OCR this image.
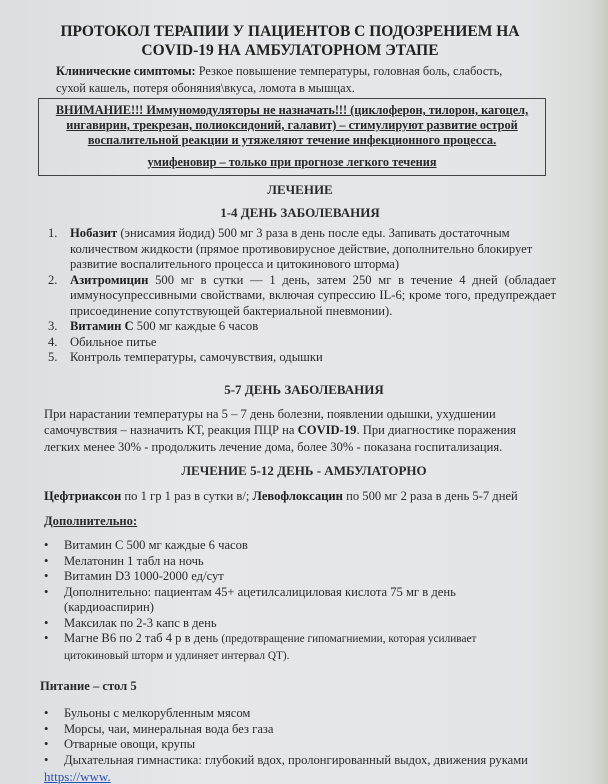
ПРОТОКОЛ ТЕРАПИИ У ПАЦИЕНТОВ С ПОДОЗРЕНИЕМ НА COVID-19 НА АМБУЛАТОРНОМ ЭТАПЕ
Клинические симптомы: Резкое повышение температуры, головная боль, слабость, сухой кашель, потеря обоняния\вкуса, ломота в мышцах.

ВНИМАНИЕ!!! Иммуномодуляторы не назначать!!! (циклоферон, тилорон, кагоцел, ингавирин, трекрезан, полиоксидоний, галавит) – стимулируют развитие острой воспалительной реакции и утяжеляют течение инфекционного процесса.

умифеновир – только при прогнозе легкого течения

ЛЕЧЕНИЕ
1-4 ДЕНЬ ЗАБОЛЕВАНИЯ
1. Нобазит (энисамия йодид) 500 мг 3 раза в день после еды. Запивать достаточным количеством жидкости (прямое противовирусное действие, дополнительно блокирует развитие воспалительного процесса и цитокинового шторма)
2. Азитромицин 500 мг в сутки — 1 день, затем 250 мг в течение 4 дней (обладает иммуносупрессивными свойствами, включая супрессию IL-6; кроме того, предупреждает присоединение сопутствующей бактериальной пневмонии).
3. Витамин С 500 мг каждые 6 часов
4. Обильное питье
5. Контроль температуры, самочувствия, одышки
5-7 ДЕНЬ ЗАБОЛЕВАНИЯ
При нарастании температуры на 5 – 7 день болезни, появлении одышки, ухудшении самочувствия – назначить КТ, реакция ПЦР на COVID-19. При диагностике поражения легких менее 30% - продолжить лечение дома, более 30% - показана госпитализация.
ЛЕЧЕНИЕ 5-12 ДЕНЬ - АМБУЛАТОРНО
Цефтриаксон по 1 гр 1 раз в сутки в/; Левофлоксацин по 500 мг 2 раза в день 5-7 дней
Дополнительно:
• Витамин С 500 мг каждые 6 часов
• Мелатонин 1 табл на ночь
• Витамин D3 1000-2000 ед/сут
• Дополнительно: пациентам 45+ ацетилсалициловая кислота 75 мг в день (кардиоаспирин)
• Максилак по 2-3 капс в день
• Магне В6 по 2 таб 4 р в день (предотвращение гипомагниемии, которая усиливает цитокиновый шторм и удлиняет интервал QT).
Питание – стол 5
• Бульоны с мелкорубленным мясом
• Морсы, чаи, минеральная вода без газа
• Отварные овощи, крупы
• Дыхательная гимнастика: глубокий вдох, пролонгированный выдох, движения руками
https://www.
